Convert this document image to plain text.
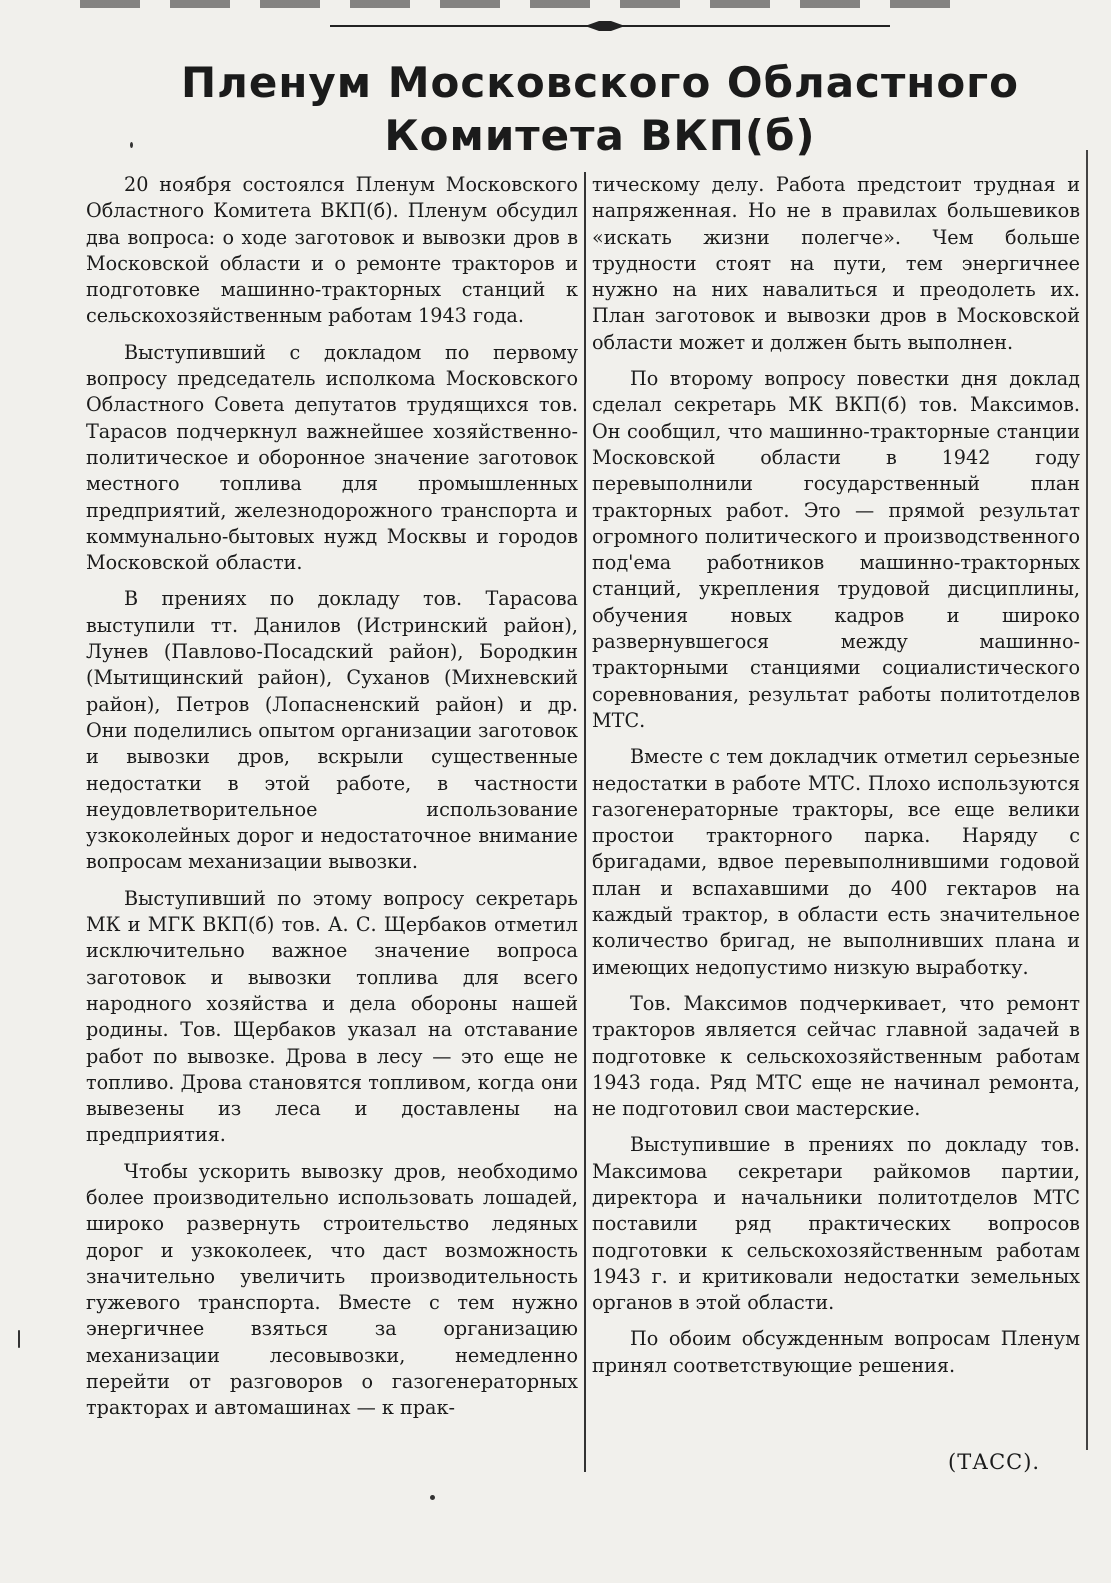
Пленум Московского Областного Комитета ВКП(б)

20 ноября состоялся Пленум Московского Областного Комитета ВКП(б). Пленум обсудил два вопроса: о ходе заготовок и вывозки дров в Московской области и о ремонте тракторов и подготовке машинно-тракторных станций к сельскохозяйственным работам 1943 года.

Выступивший с докладом по первому вопросу председатель исполкома Московского Областного Совета депутатов трудящихся тов. Тарасов подчеркнул важнейшее хозяйственно-политическое и оборонное значение заготовок местного топлива для промышленных предприятий, железнодорожного транспорта и коммунально-бытовых нужд Москвы и городов Московской области.

В прениях по докладу тов. Тарасова выступили тт. Данилов (Истринский район), Лунев (Павлово-Посадский район), Бородкин (Мытищинский район), Суханов (Михневский район), Петров (Лопасненский район) и др. Они поделились опытом организации заготовок и вывозки дров, вскрыли существенные недостатки в этой работе, в частности неудовлетворительное использование узкоколейных дорог и недостаточное внимание вопросам механизации вывозки.

Выступивший по этому вопросу секретарь МК и МГК ВКП(б) тов. А. С. Щербаков отметил исключительно важное значение вопроса заготовок и вывозки топлива для всего народного хозяйства и дела обороны нашей родины. Тов. Щербаков указал на отставание работ по вывозке. Дрова в лесу — это еще не топливо. Дрова становятся топливом, когда они вывезены из леса и доставлены на предприятия.

Чтобы ускорить вывозку дров, необходимо более производительно использовать лошадей, широко развернуть строительство ледяных дорог и узкоколеек, что даст возможность значительно увеличить производительность гужевого транспорта. Вместе с тем нужно энергичнее взяться за организацию механизации лесовывозки, немедленно перейти от разговоров о газогенераторных тракторах и автомашинах — к прак-

тическому делу. Работа предстоит трудная и напряженная. Но не в правилах большевиков «искать жизни полегче». Чем больше трудности стоят на пути, тем энергичнее нужно на них навалиться и преодолеть их. План заготовок и вывозки дров в Московской области может и должен быть выполнен.

По второму вопросу повестки дня доклад сделал секретарь МК ВКП(б) тов. Максимов. Он сообщил, что машинно-тракторные станции Московской области в 1942 году перевыполнили государственный план тракторных работ. Это — прямой результат огромного политического и производственного под'ема работников машинно-тракторных станций, укрепления трудовой дисциплины, обучения новых кадров и широко развернувшегося между машинно-тракторными станциями социалистического соревнования, результат работы политотделов МТС.

Вместе с тем докладчик отметил серьезные недостатки в работе МТС. Плохо используются газогенераторные тракторы, все еще велики простои тракторного парка. Наряду с бригадами, вдвое перевыполнившими годовой план и вспахавшими до 400 гектаров на каждый трактор, в области есть значительное количество бригад, не выполнивших плана и имеющих недопустимо низкую выработку.

Тов. Максимов подчеркивает, что ремонт тракторов является сейчас главной задачей в подготовке к сельскохозяйственным работам 1943 года. Ряд МТС еще не начинал ремонта, не подготовил свои мастерские.

Выступившие в прениях по докладу тов. Максимова секретари райкомов партии, директора и начальники политотделов МТС поставили ряд практических вопросов подготовки к сельскохозяйственным работам 1943 г. и критиковали недостатки земельных органов в этой области.

По обоим обсужденным вопросам Пленум принял соответствующие решения.

(ТАСС).
